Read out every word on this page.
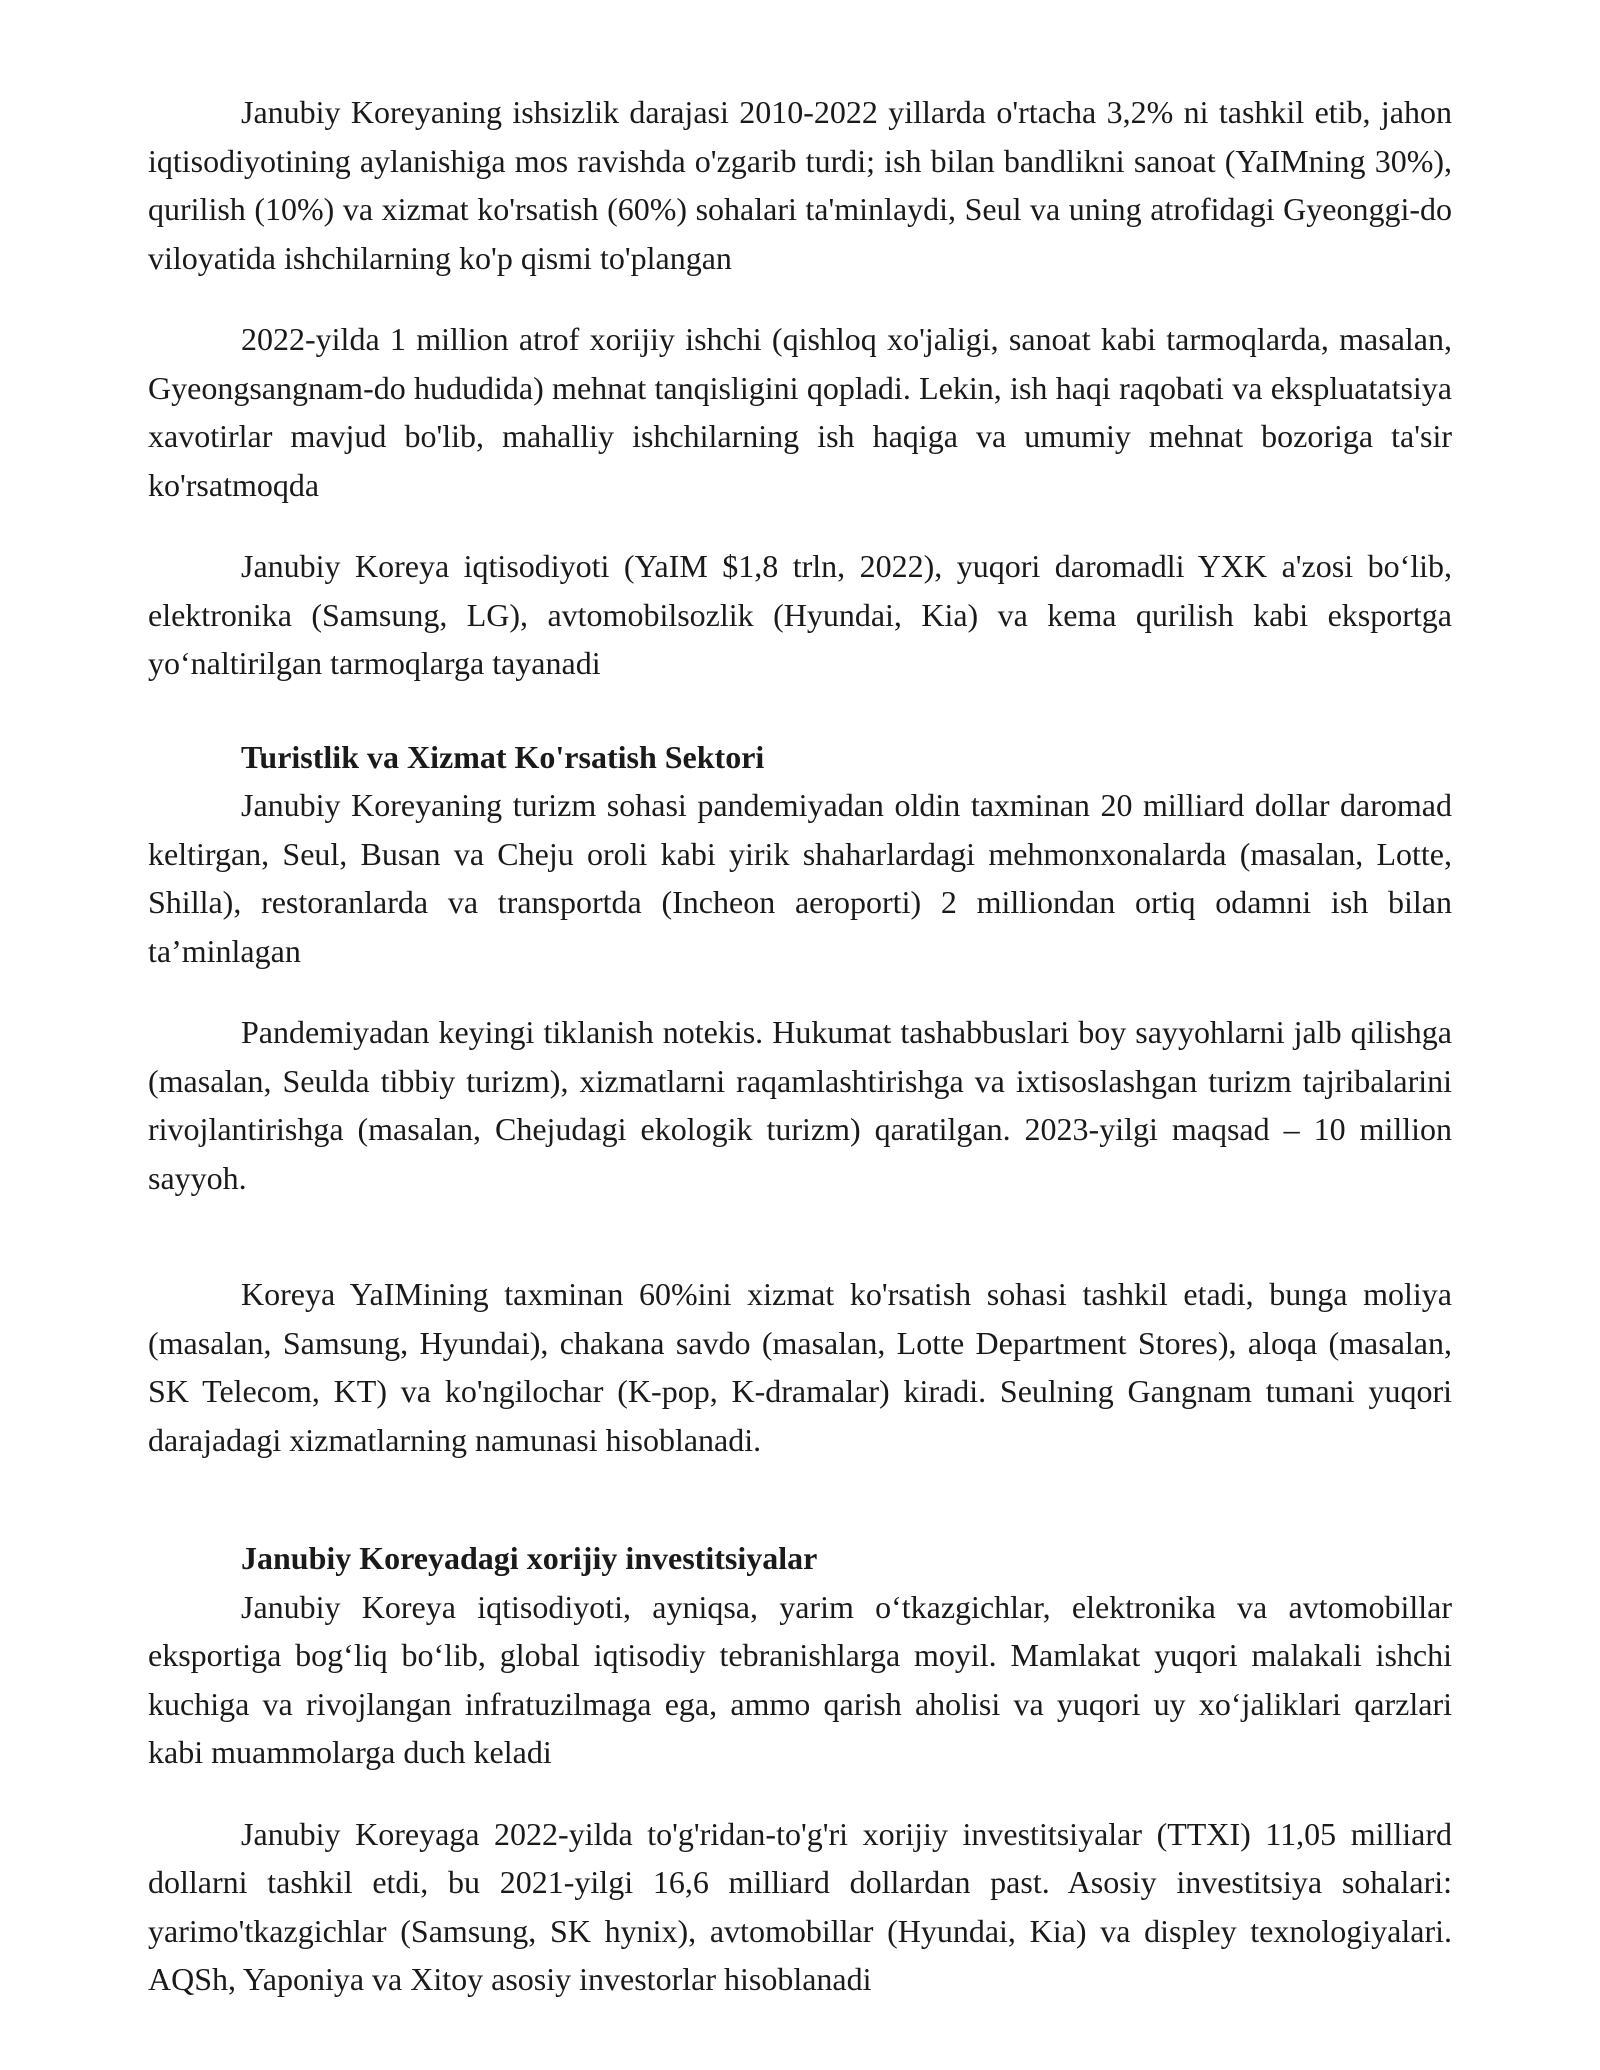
Janubiy Koreyaning ishsizlik darajasi 2010-2022 yillarda o'rtacha 3,2% ni tashkil etib, jahon iqtisodiyotining aylanishiga mos ravishda o'zgarib turdi; ish bilan bandlikni sanoat (YaIMning 30%), qurilish (10%) va xizmat ko'rsatish (60%) sohalari ta'minlaydi, Seul va uning atrofidagi Gyeonggi-do viloyatida ishchilarning ko'p qismi to'plangan

2022-yilda 1 million atrof xorijiy ishchi (qishloq xo'jaligi, sanoat kabi tarmoqlarda, masalan, Gyeongsangnam-do hududida) mehnat tanqisligini qopladi. Lekin, ish haqi raqobati va ekspluatatsiya xavotirlar mavjud bo'lib, mahalliy ishchilarning ish haqiga va umumiy mehnat bozoriga ta'sir ko'rsatmoqda

Janubiy Koreya iqtisodiyoti (YaIM $1,8 trln, 2022), yuqori daromadli YXK a'zosi bo‘lib, elektronika (Samsung, LG), avtomobilsozlik (Hyundai, Kia) va kema qurilish kabi eksportga yo‘naltirilgan tarmoqlarga tayanadi

Turistlik va Xizmat Ko'rsatish Sektori

Janubiy Koreyaning turizm sohasi pandemiyadan oldin taxminan 20 milliard dollar daromad keltirgan, Seul, Busan va Cheju oroli kabi yirik shaharlardagi mehmonxonalarda (masalan, Lotte, Shilla), restoranlarda va transportda (Incheon aeroporti) 2 milliondan ortiq odamni ish bilan ta’minlagan

Pandemiyadan keyingi tiklanish notekis. Hukumat tashabbuslari boy sayyohlarni jalb qilishga (masalan, Seulda tibbiy turizm), xizmatlarni raqamlashtirishga va ixtisoslashgan turizm tajribalarini rivojlantirishga (masalan, Chejudagi ekologik turizm) qaratilgan. 2023-yilgi maqsad – 10 million sayyoh.

Koreya YaIMining taxminan 60%ini xizmat ko'rsatish sohasi tashkil etadi, bunga moliya (masalan, Samsung, Hyundai), chakana savdo (masalan, Lotte Department Stores), aloqa (masalan, SK Telecom, KT) va ko'ngilochar (K-pop, K-dramalar) kiradi. Seulning Gangnam tumani yuqori darajadagi xizmatlarning namunasi hisoblanadi.

Janubiy Koreyadagi xorijiy investitsiyalar

Janubiy Koreya iqtisodiyoti, ayniqsa, yarim o‘tkazgichlar, elektronika va avtomobillar eksportiga bog‘liq bo‘lib, global iqtisodiy tebranishlarga moyil. Mamlakat yuqori malakali ishchi kuchiga va rivojlangan infratuzilmaga ega, ammo qarish aholisi va yuqori uy xo‘jaliklari qarzlari kabi muammolarga duch keladi

Janubiy Koreyaga 2022-yilda to'g'ridan-to'g'ri xorijiy investitsiyalar (TTXI) 11,05 milliard dollarni tashkil etdi, bu 2021-yilgi 16,6 milliard dollardan past. Asosiy investitsiya sohalari: yarimo'tkazgichlar (Samsung, SK hynix), avtomobillar (Hyundai, Kia) va displey texnologiyalari. AQSh, Yaponiya va Xitoy asosiy investorlar hisoblanadi
